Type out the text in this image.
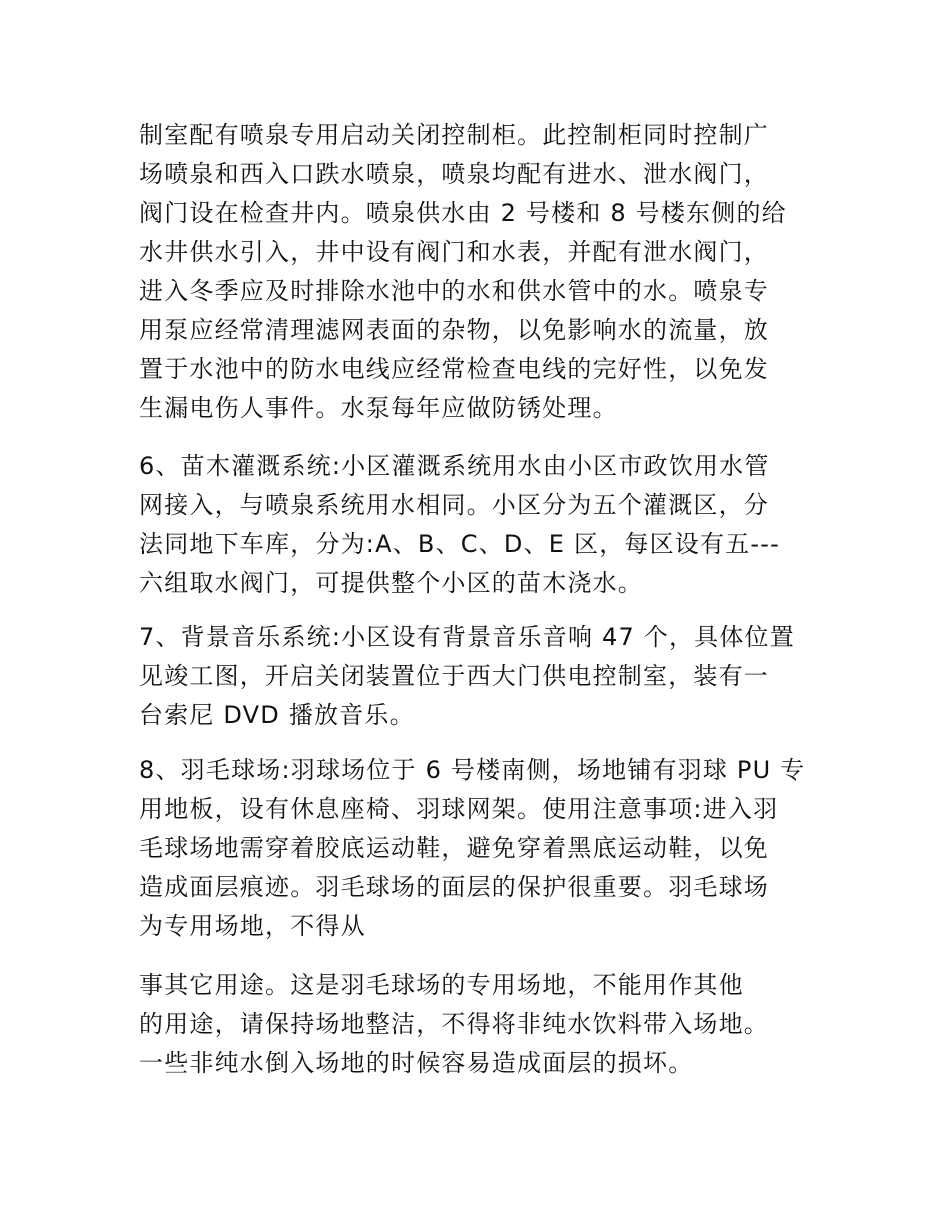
制室配有喷泉专用启动关闭控制柜。此控制柜同时控制广
场喷泉和西入口跌水喷泉，喷泉均配有进水、泄水阀门，
阀门设在检查井内。喷泉供水由 2 号楼和 8 号楼东侧的给
水井供水引入，井中设有阀门和水表，并配有泄水阀门，
进入冬季应及时排除水池中的水和供水管中的水。喷泉专
用泵应经常清理滤网表面的杂物，以免影响水的流量，放
置于水池中的防水电线应经常检查电线的完好性，以免发
生漏电伤人事件。水泵每年应做防锈处理。
6、苗木灌溉系统:小区灌溉系统用水由小区市政饮用水管
网接入，与喷泉系统用水相同。小区分为五个灌溉区，分
法同地下车库，分为:A、B、C、D、E 区，每区设有五---
六组取水阀门，可提供整个小区的苗木浇水。
7、背景音乐系统:小区设有背景音乐音响 47 个，具体位置
见竣工图，开启关闭装置位于西大门供电控制室，装有一
台索尼 DVD 播放音乐。
8、羽毛球场:羽球场位于 6 号楼南侧，场地铺有羽球 PU 专
用地板，设有休息座椅、羽球网架。使用注意事项:进入羽
毛球场地需穿着胶底运动鞋，避免穿着黑底运动鞋，以免
造成面层痕迹。羽毛球场的面层的保护很重要。羽毛球场
为专用场地，不得从
事其它用途。这是羽毛球场的专用场地，不能用作其他
的用途，请保持场地整洁，不得将非纯水饮料带入场地。
一些非纯水倒入场地的时候容易造成面层的损坏。
